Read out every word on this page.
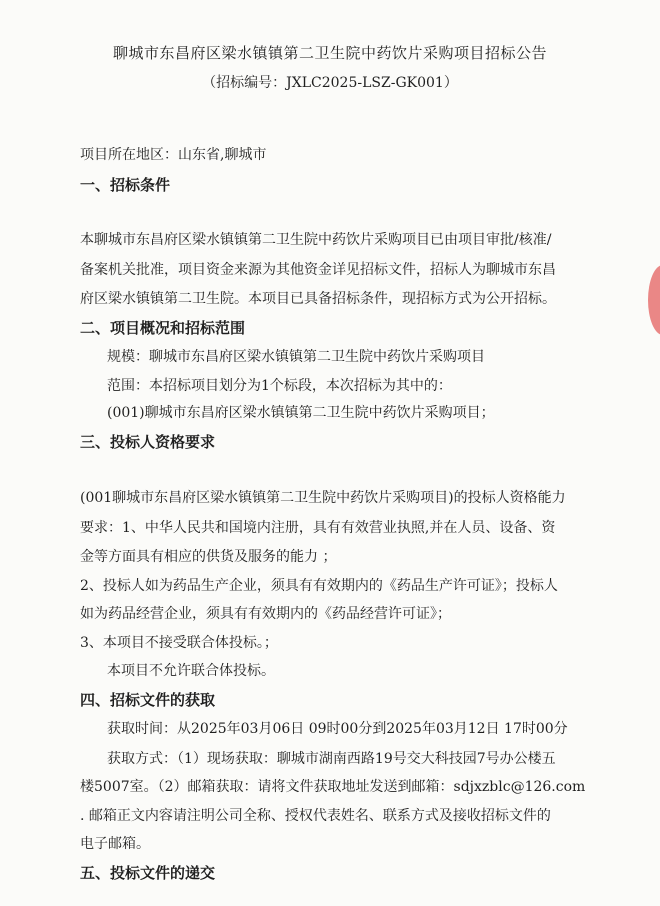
聊城市东昌府区梁水镇镇第二卫生院中药饮片采购项目招标公告
（招标编号：JXLC2025-LSZ-GK001）
项目所在地区：山东省,聊城市
一、招标条件
本聊城市东昌府区梁水镇镇第二卫生院中药饮片采购项目已由项目审批/核准/
备案机关批准，项目资金来源为其他资金详见招标文件，招标人为聊城市东昌
府区梁水镇镇第二卫生院。本项目已具备招标条件，现招标方式为公开招标。
二、项目概况和招标范围
规模：聊城市东昌府区梁水镇镇第二卫生院中药饮片采购项目
范围：本招标项目划分为1个标段，本次招标为其中的：
(001)聊城市东昌府区梁水镇镇第二卫生院中药饮片采购项目；
三、投标人资格要求
(001聊城市东昌府区梁水镇镇第二卫生院中药饮片采购项目)的投标人资格能力
要求：1、中华人民共和国境内注册，具有有效营业执照,并在人员、设备、资
金等方面具有相应的供货及服务的能力 ；
2、投标人如为药品生产企业，须具有有效期内的《药品生产许可证》；投标人
如为药品经营企业，须具有有效期内的《药品经营许可证》；
3、本项目不接受联合体投标。；
本项目不允许联合体投标。
四、招标文件的获取
获取时间：从2025年03月06日 09时00分到2025年03月12日 17时00分
获取方式：（1）现场获取：聊城市湖南西路19号交大科技园7号办公楼五
楼5007室。（2）邮箱获取：请将文件获取地址发送到邮箱：sdjxzblc@126.com
. 邮箱正文内容请注明公司全称、授权代表姓名、联系方式及接收招标文件的
电子邮箱。
五、投标文件的递交
